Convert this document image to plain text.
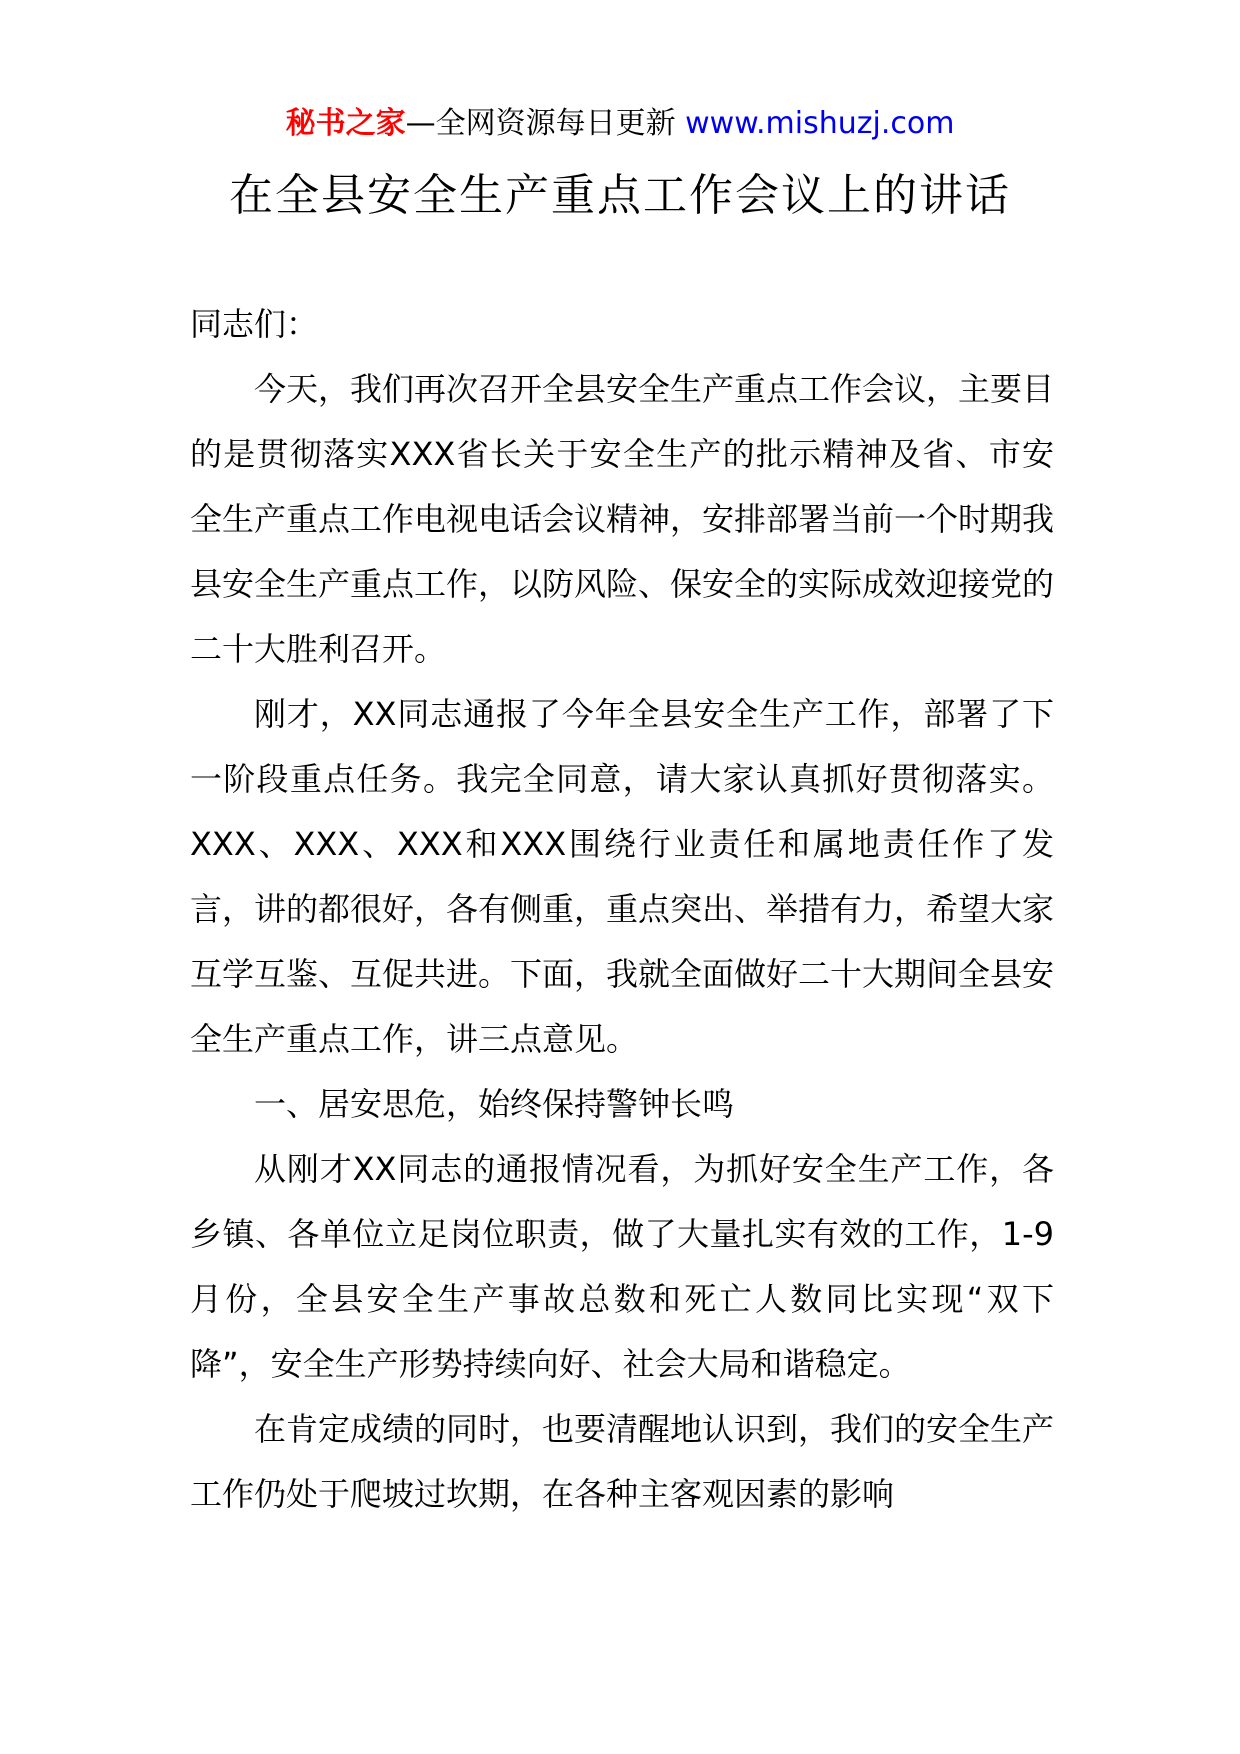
秘书之家—全网资源每日更新 www.mishuzj.com
在全县安全生产重点工作会议上的讲话

同志们：

今天，我们再次召开全县安全生产重点工作会议，主要目的是贯彻落实XXX省长关于安全生产的批示精神及省、市安全生产重点工作电视电话会议精神，安排部署当前一个时期我县安全生产重点工作，以防风险、保安全的实际成效迎接党的二十大胜利召开。

刚才，XX同志通报了今年全县安全生产工作，部署了下一阶段重点任务。我完全同意，请大家认真抓好贯彻落实。XXX、XXX、XXX和XXX围绕行业责任和属地责任作了发言，讲的都很好，各有侧重，重点突出、举措有力，希望大家互学互鉴、互促共进。下面，我就全面做好二十大期间全县安全生产重点工作，讲三点意见。

一、居安思危，始终保持警钟长鸣

从刚才XX同志的通报情况看，为抓好安全生产工作，各乡镇、各单位立足岗位职责，做了大量扎实有效的工作，1-9月份，全县安全生产事故总数和死亡人数同比实现“双下降”，安全生产形势持续向好、社会大局和谐稳定。

在肯定成绩的同时，也要清醒地认识到，我们的安全生产工作仍处于爬坡过坎期，在各种主客观因素的影响
